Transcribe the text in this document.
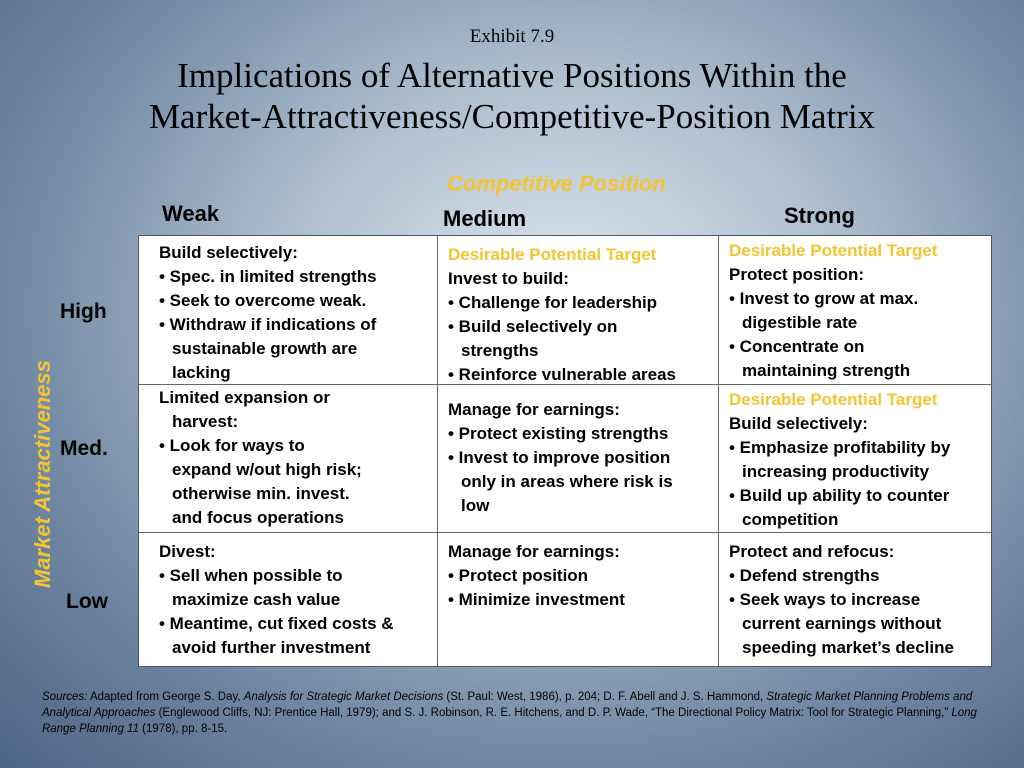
Exhibit 7.9
Implications of Alternative Positions Within the
Market-Attractiveness/Competitive-Position Matrix
Competitive Position
Weak	Medium	Strong
High
Med.
Low
Market Attractiveness
Build selectively:
• Spec. in limited strengths
• Seek to overcome weak.
• Withdraw if indications of
sustainable growth are
lacking
Desirable Potential Target
Invest to build:
• Challenge for leadership
• Build selectively on
strengths
• Reinforce vulnerable areas
Desirable Potential Target
Protect position:
• Invest to grow at max.
digestible rate
• Concentrate on
maintaining strength
Limited expansion or
harvest:
• Look for ways to
expand w/out high risk;
otherwise min. invest.
and focus operations
Manage for earnings:
• Protect existing strengths
• Invest to improve position
only in areas where risk is
low
Desirable Potential Target
Build selectively:
• Emphasize profitability by
increasing productivity
• Build up ability to counter
competition
Divest:
• Sell when possible to
maximize cash value
• Meantime, cut fixed costs &
avoid further investment
Manage for earnings:
• Protect position
• Minimize investment
Protect and refocus:
• Defend strengths
• Seek ways to increase
current earnings without
speeding market’s decline
Sources: Adapted from George S. Day, Analysis for Strategic Market Decisions (St. Paul: West, 1986), p. 204; D. F. Abell and J. S. Hammond, Strategic Market Planning Problems and Analytical Approaches (Englewood Cliffs, NJ: Prentice Hall, 1979); and S. J. Robinson, R. E. Hitchens, and D. P. Wade, “The Directional Policy Matrix: Tool for Strategic Planning,” Long Range Planning 11 (1978), pp. 8-15.
